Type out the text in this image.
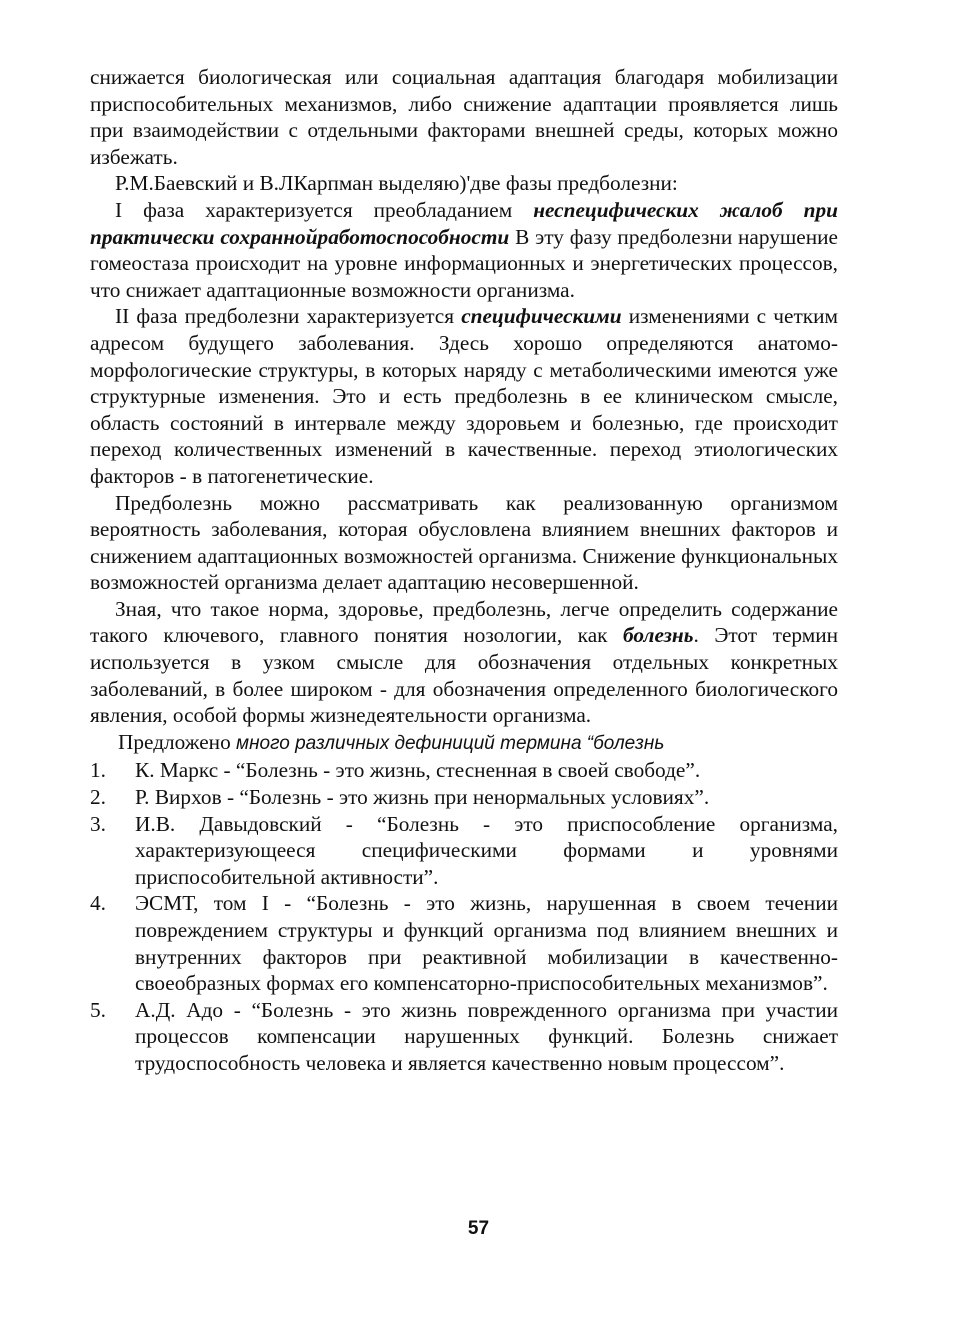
снижается биологическая или социальная адаптация благодаря мобилизации приспособительных механизмов, либо снижение адаптации проявляется лишь при взаимодействии с отдельными факторами внешней среды, которых можно избежать.

Р.М.Баевский и В.ЛКарпман выделяю)'две фазы предболезни:

I фаза характеризуется преобладанием неспецифических жалоб при практически сохраннойработоспособности В эту фазу предболезни нарушение гомеостаза происходит на уровне информационных и энергетических процессов, что снижает адаптационные возможности организма.

II фаза предболезни характеризуется специфическими изменениями с четким адресом будущего заболевания. Здесь хорошо определяются анатомо-морфологические структуры, в которых наряду с метаболическими имеются уже структурные изменения. Это и есть предболезнь в ее клиническом смысле, область состояний в интервале между здоровьем и болезнью, где происходит переход количественных изменений в качественные. переход этиологических факторов - в патогенетические.

Предболезнь можно рассматривать как реализованную организмом вероятность заболевания, которая обусловлена влиянием внешних факторов и снижением адаптационных возможностей организма. Снижение функциональных возможностей организма делает адаптацию несовершенной.

Зная, что такое норма, здоровье, предболезнь, легче определить содержание такого ключевого, главного понятия нозологии, как болезнь. Этот термин используется в узком смысле для обозначения отдельных конкретных заболеваний, в более широком - для обозначения определенного биологического явления, особой формы жизнедеятельности организма.

Предложено много различных дефиниций термина “болезнь

1. К. Маркс - “Болезнь - это жизнь, стесненная в своей свободе”.
2. Р. Вирхов - “Болезнь - это жизнь при ненормальных условиях”.
3. И.В. Давыдовский - “Болезнь - это приспособление организма, характеризующееся специфическими формами и уровнями приспособительной активности”.
4. ЭСМТ, том I - “Болезнь - это жизнь, нарушенная в своем течении повреждением структуры и функций организма под влиянием внешних и внутренних факторов при реактивной мобилизации в качественно-своеобразных формах его компенсаторно-приспособительных механизмов”.
5. А.Д. Адо - “Болезнь - это жизнь поврежденного организма при участии процессов компенсации нарушенных функций. Болезнь снижает трудоспособность человека и является качественно новым процессом”.
57
